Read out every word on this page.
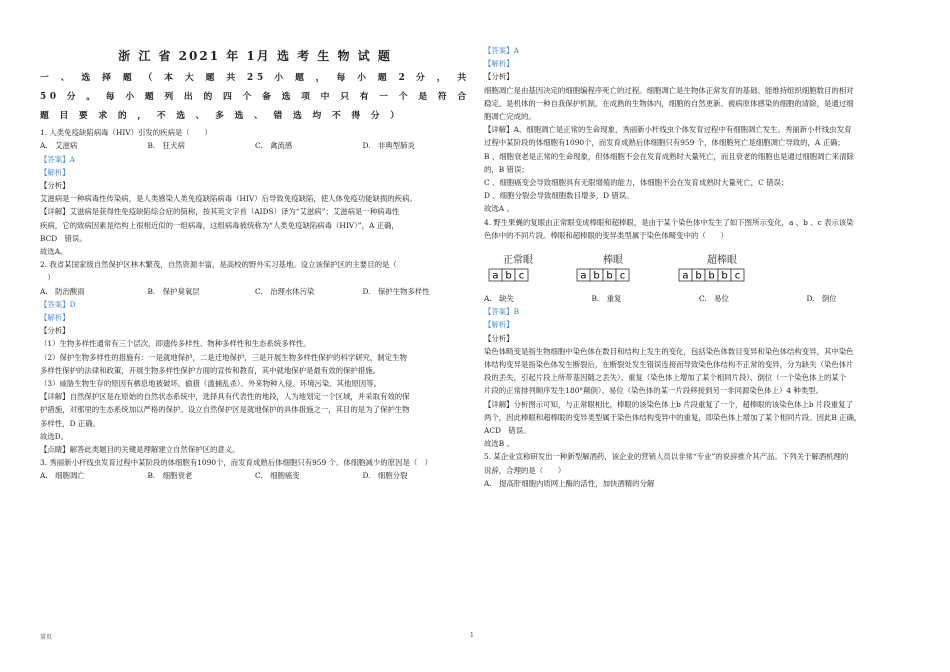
浙 江 省 2021 年 1月 选 考 生 物 试 题
一 、 选 择 题 （ 本 大 题 共 25 小 题 ， 每 小 题 2 分 ， 共 50 分 。 每 小 题 列 出 的 四 个 备 选 项 中 只 有 一 个 是 符 合 题 目 要 求 的 ， 不 选 、 多 选 、 错 选 均 不 得 分 ）

1. 人类免疫缺陷病毒（HIV）引发的疾病是（　　）

A.　艾滋病	B.　狂犬病	C.　禽流感	D.　非典型肺炎

【答案】A

【解析】

【分析】

艾滋病是一种病毒性传染病，是人类感染人类免疫缺陷病毒（HIV）后导致免疫缺陷，使人体免疫功能缺损的疾病。

【详解】艾滋病是获得性免疫缺陷综合症的简称，按其英文字首（AIDS）译为“艾滋病”；艾滋病是一种病毒性

疾病，它的致病因素是结构上很相近似的一组病毒，这组病毒被统称为“人类免疫缺陷病毒（HIV）”，A 正确，

BCD　错误。

故选A。

2. 我省某国家级自然保护区林木繁茂，自然资源丰富，是高校的野外实习基地。设立该保护区的主要目的是（

　）

A.　防治酸雨	B.　保护臭氧层	C.　治理水体污染	D.　保护生物多样性

【答案】D

【解析】

【分析】

（1）生物多样性通常有三个层次，即遗传多样性、物种多样性和生态系统多样性。

（2）保护生物多样性的措施有：一是就地保护，二是迁地保护，三是开展生物多样性保护的科学研究，制定生物

多样性保护的法律和政策，开展生物多样性保护方面的宣传和教育，其中就地保护是最有效的保护措施。

（3）威胁生物生存的原因有栖息地被破坏、偷猎（滥捕乱杀）、外来物种入侵、环境污染、其他原因等。

【详解】自然保护区是在原始的自然状态系统中，选择具有代表性的地段，人为地划定一个区域，并采取有效的保

护措施，对那里的生态系统加以严格的保护。设立自然保护区是就地保护的具体措施之一，其目的是为了保护生物

多样性，D 正确。

故选D。

【点睛】解答此类题目的关键是理解建立自然保护区的意义。

3. 秀丽新小杆线虫发育过程中某阶段的体细胞有1090个，而发育成熟后体细胞只有959 个。体细胞减少的原因是（　）

A.　细胞凋亡	B.　细胞衰老	C.　细胞癌变	D.　细胞分裂
第页

【答案】A

【解析】

【分析】

细胞凋亡是由基因决定的细胞编程序死亡的过程。细胞凋亡是生物体正常发育的基础、能维持组织细胞数目的相对

稳定、是机体的一种自我保护机制。在成熟的生物体内，细胞的自然更新、被病原体感染的细胞的清除，是通过细

胞凋亡完成的。

【详解】A、细胞凋亡是正常的生命现象，秀丽新小杆线虫个体发育过程中有细胞凋亡发生。秀丽新小杆线虫发育

过程中某阶段的体细胞有1090个，而发育成熟后体细胞只有959 个，体细胞死亡是细胞凋亡导致的，A 正确；

B 、细胞衰老是正常的生命现象，但体细胞不会在发育成熟时大量死亡，而且衰老的细胞也是通过细胞凋亡来清除

的，B 错误；

C 、细胞癌变会导致细胞具有无限增殖的能力，体细胞不会在发育成熟时大量死亡，C 错误；

D 、细胞分裂会导致细胞数目增多，D 错误。

故选A 。

4. 野生果蝇的复眼由正常眼变成棒眼和超棒眼，是由于某个染色体中发生了如下图所示变化，a 、b 、c 表示该染

色体中的不同片段。棒眼和超棒眼的变异类型属于染色体畸变中的（　　）

正常眼
a b c
棒眼
a b b c
超棒眼
a b b b c
A.　缺失	B.　重复	C.　易位	D.　倒位

【答案】B

【解析】

【分析】

染色体畸变是指生物细胞中染色体在数目和结构上发生的变化，包括染色体数目变异和染色体结构变异，其中染色

体结构变异是指染色体发生断裂后，在断裂处发生错误连接而导致染色体结构不正常的变异，分为缺失（染色体片

段的丢失，引起片段上所带基因随之丢失）、重复（染色体上增加了某个相同片段）、倒位（一个染色体上的某个

片段的正常排列顺序发生180°颠倒）、易位（染色体的某一片段移接到另一非同源染色体上）4 种类型。

【详解】分析图示可知，与正常眼相比，棒眼的该染色体上b 片段重复了一个，超棒眼的该染色体上b 片段重复了

两个，因此棒眼和超棒眼的变异类型属于染色体结构变异中的重复，即染色体上增加了某个相同片段。因此B 正确，

ACD　错误。

故选B 。

5. 某企业宣称研发出一种新型解酒药，该企业的营销人员以非常“专业”的说辞推介其产品。下列关于解酒机理的

说辞，合理的是（　　）

A.　提高肝细胞内质网上酶的活性，加快酒精的分解

1
